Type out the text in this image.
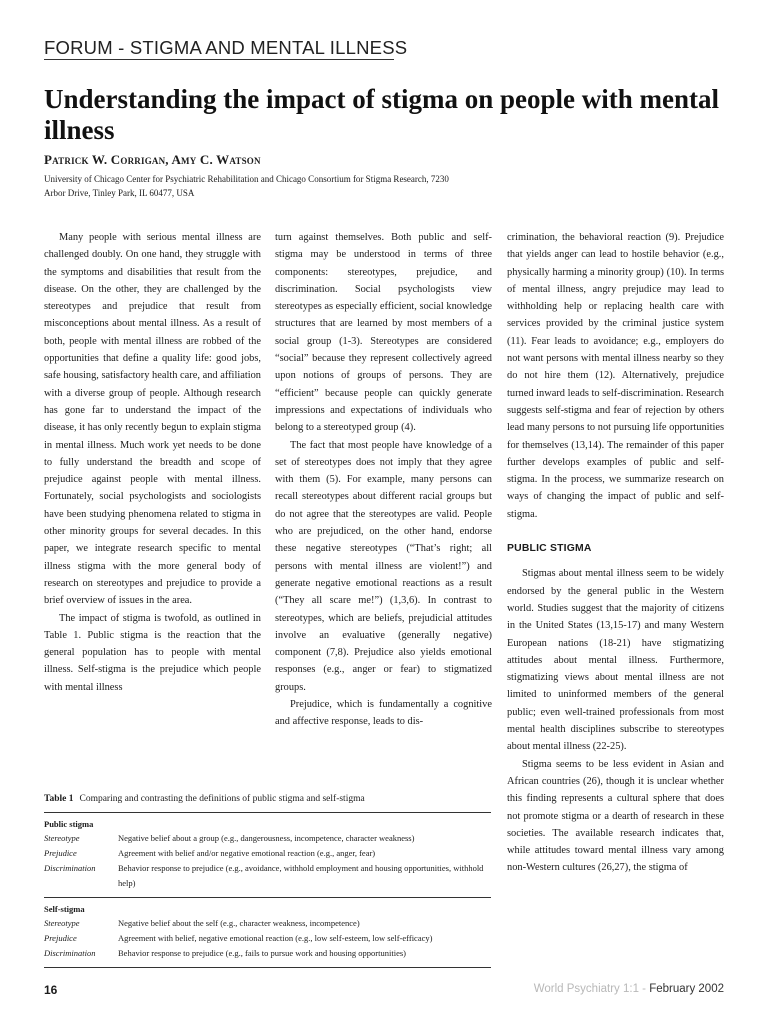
FORUM - STIGMA AND MENTAL ILLNESS
Understanding the impact of stigma on people with mental illness
Patrick W. Corrigan, Amy C. Watson
University of Chicago Center for Psychiatric Rehabilitation and Chicago Consortium for Stigma Research, 7230 Arbor Drive, Tinley Park, IL 60477, USA

Many people with serious mental illness are challenged doubly. On one hand, they struggle with the symptoms and disabilities that result from the disease. On the other, they are challenged by the stereotypes and prejudice that result from misconceptions about mental illness. As a result of both, people with mental illness are robbed of the opportunities that define a quality life: good jobs, safe housing, satisfactory health care, and affiliation with a diverse group of people. Although research has gone far to understand the impact of the disease, it has only recently begun to explain stigma in mental illness. Much work yet needs to be done to fully understand the breadth and scope of prejudice against people with mental illness. Fortunately, social psychologists and sociologists have been studying phenomena related to stigma in other minority groups for several decades. In this paper, we integrate research specific to mental illness stigma with the more general body of research on stereotypes and prejudice to provide a brief overview of issues in the area.

The impact of stigma is twofold, as outlined in Table 1. Public stigma is the reaction that the general population has to people with mental illness. Self-stigma is the prejudice which people with mental illness

turn against themselves. Both public and self-stigma may be understood in terms of three components: stereotypes, prejudice, and discrimination. Social psychologists view stereotypes as especially efficient, social knowledge structures that are learned by most members of a social group (1-3). Stereotypes are considered “social” because they represent collectively agreed upon notions of groups of persons. They are “efficient” because people can quickly generate impressions and expectations of individuals who belong to a stereotyped group (4).

The fact that most people have knowledge of a set of stereotypes does not imply that they agree with them (5). For example, many persons can recall stereotypes about different racial groups but do not agree that the stereotypes are valid. People who are prejudiced, on the other hand, endorse these negative stereotypes (“That’s right; all persons with mental illness are violent!”) and generate negative emotional reactions as a result (“They all scare me!”) (1,3,6). In contrast to stereotypes, which are beliefs, prejudicial attitudes involve an evaluative (generally negative) component (7,8). Prejudice also yields emotional responses (e.g., anger or fear) to stigmatized groups.

Prejudice, which is fundamentally a cognitive and affective response, leads to dis-

crimination, the behavioral reaction (9). Prejudice that yields anger can lead to hostile behavior (e.g., physically harming a minority group) (10). In terms of mental illness, angry prejudice may lead to withholding help or replacing health care with services provided by the criminal justice system (11). Fear leads to avoidance; e.g., employers do not want persons with mental illness nearby so they do not hire them (12). Alternatively, prejudice turned inward leads to self-discrimination. Research suggests self-stigma and fear of rejection by others lead many persons to not pursuing life opportunities for themselves (13,14). The remainder of this paper further develops examples of public and self-stigma. In the process, we summarize research on ways of changing the impact of public and self-stigma.

PUBLIC STIGMA

Stigmas about mental illness seem to be widely endorsed by the general public in the Western world. Studies suggest that the majority of citizens in the United States (13,15-17) and many Western European nations (18-21) have stigmatizing attitudes about mental illness. Furthermore, stigmatizing views about mental illness are not limited to uninformed members of the general public; even well-trained professionals from most mental health disciplines subscribe to stereotypes about mental illness (22-25).

Stigma seems to be less evident in Asian and African countries (26), though it is unclear whether this finding represents a cultural sphere that does not promote stigma or a dearth of research in these societies. The available research indicates that, while attitudes toward mental illness vary among non-Western cultures (26,27), the stigma of

Table 1 Comparing and contrasting the definitions of public stigma and self-stigma
Public stigma
Stereotype	Negative belief about a group (e.g., dangerousness, incompetence, character weakness)
Prejudice	Agreement with belief and/or negative emotional reaction (e.g., anger, fear)
Discrimination	Behavior response to prejudice (e.g., avoidance, withhold employment and housing opportunities, withhold help)
Self-stigma
Stereotype	Negative belief about the self (e.g., character weakness, incompetence)
Prejudice	Agreement with belief, negative emotional reaction (e.g., low self-esteem, low self-efficacy)
Discrimination	Behavior response to prejudice (e.g., fails to pursue work and housing opportunities)
16	World Psychiatry 1:1 - February 2002
